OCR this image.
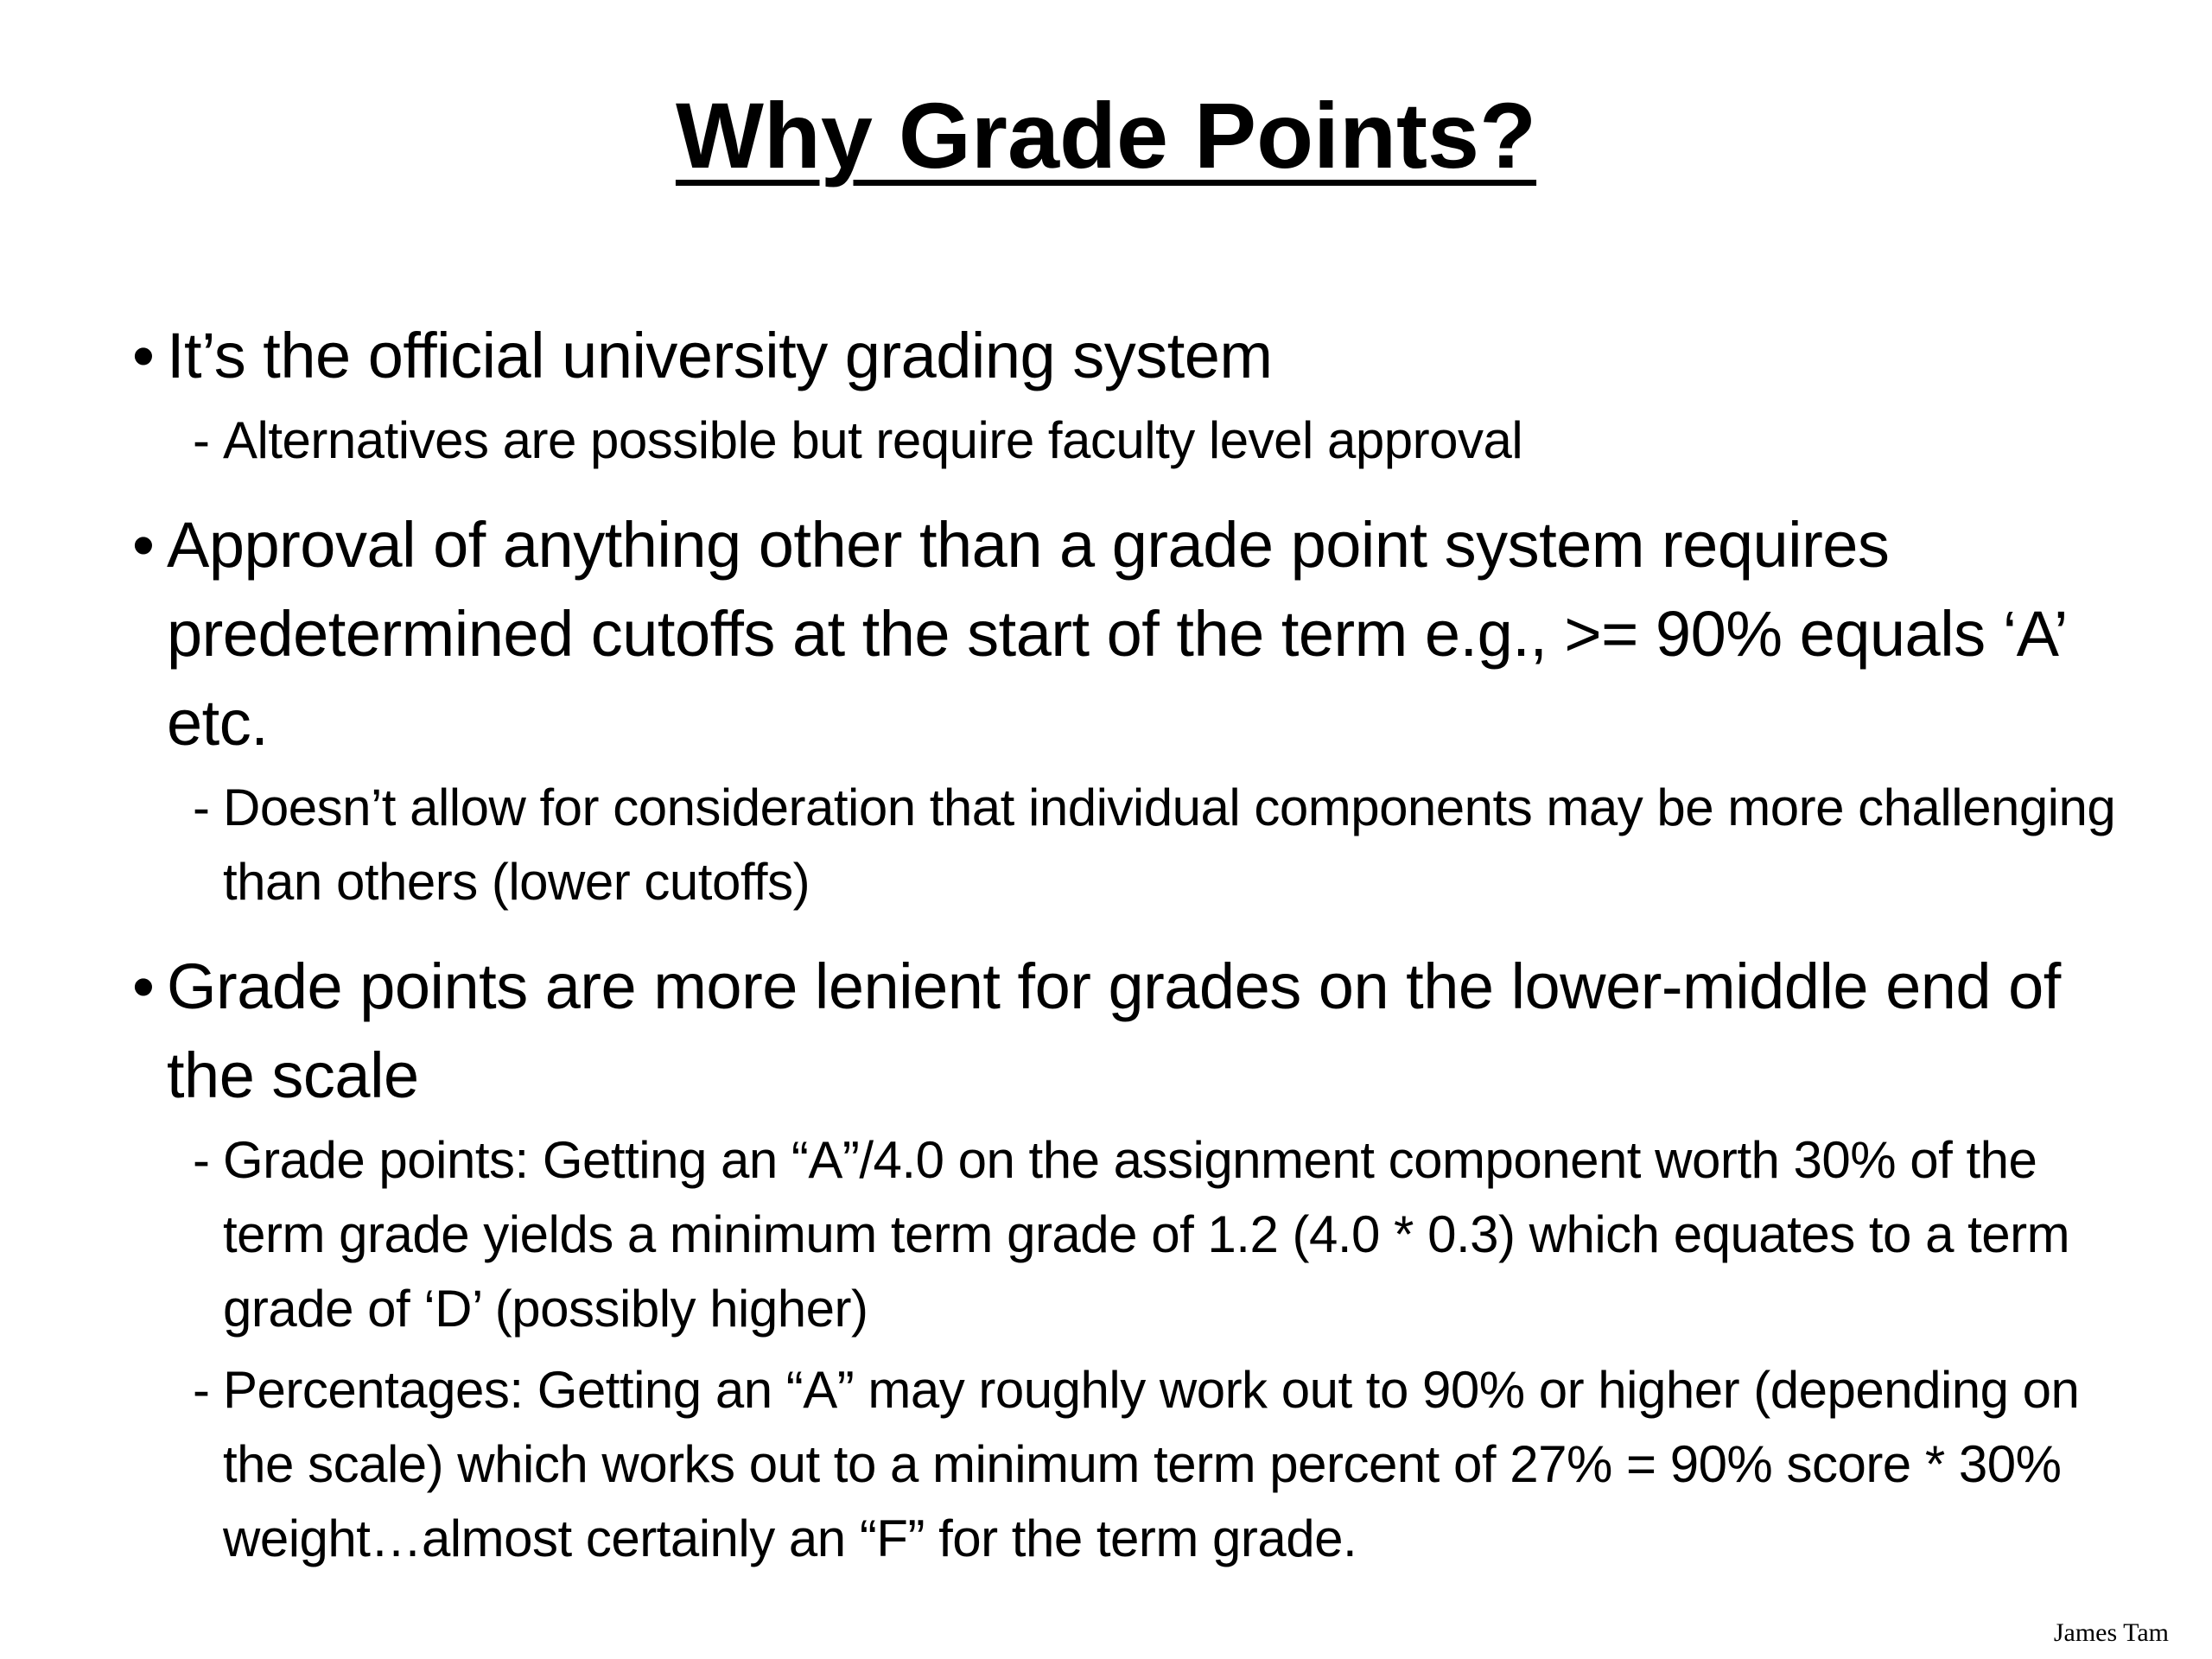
Why Grade Points?
• It’s the official university grading system
- Alternatives are possible but require faculty level approval
• Approval of anything other than a grade point system requires predetermined cutoffs at the start of the term e.g., >= 90% equals ‘A’ etc.
- Doesn’t allow for consideration that individual components may be more challenging than others (lower cutoffs)
• Grade points are more lenient for grades on the lower-middle end of the scale
- Grade points: Getting an “A”/4.0 on the assignment component worth 30% of the term grade yields a minimum term grade of 1.2 (4.0 * 0.3) which equates to a term grade of ‘D’ (possibly higher)
- Percentages: Getting an “A” may roughly work out to 90% or higher (depending on the scale) which works out to a minimum term percent of 27% = 90% score * 30% weight…almost certainly an “F” for the term grade.
James Tam
